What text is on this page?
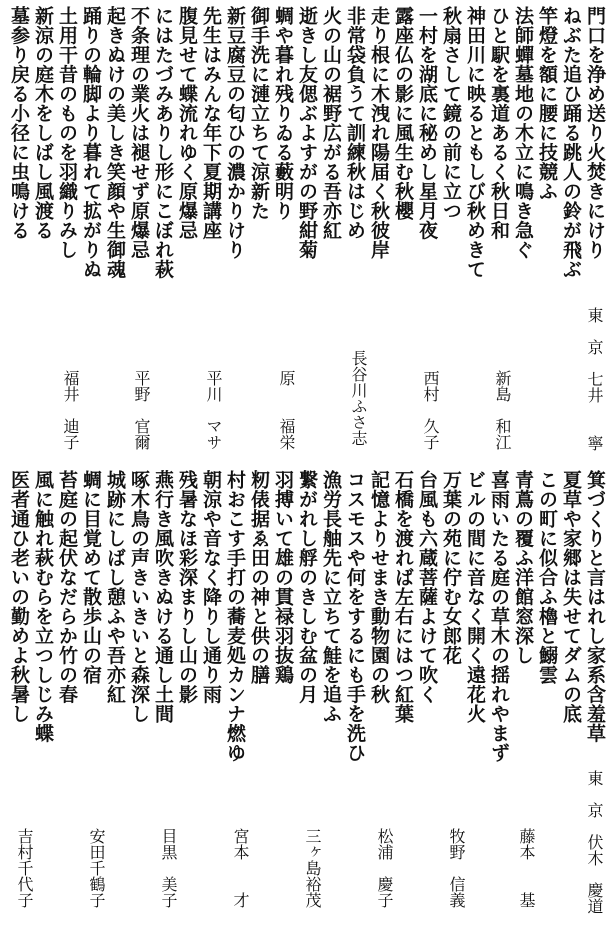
門口を浄め送り火焚きにけり
ねぶた追ひ踊る跳人の鈴が飛ぶ
竿燈を額に腰に技競ふ
法師蟬墓地の木立に鳴き急ぐ
ひと駅を裏道あるく秋日和
神田川に映るともしび秋めきて
秋扇さして鏡の前に立つ
一村を湖底に秘めし星月夜
露座仏の影に風生む秋櫻
走り根に木洩れ陽届く秋彼岸
非常袋負うて訓練秋はじめ
火の山の裾野広がる吾亦紅
逝きし友偲ぶよすがの野紺菊
蜩や暮れ残りゐる藪明り
御手洗に漣立ちて涼新た
新豆腐豆の匂ひの濃かりけり
先生はみんな年下夏期講座
腹見せて蝶流れゆく原爆忌
にはたづみありし形にこぼれ萩
不条理の業火は褪せず原爆忌
起きぬけの美しき笑顔や生御魂
踊りの輪脚より暮れて拡がりぬ
土用干昔のものを羽織りみし
新涼の庭木をしばし風渡る
墓参り戻る小径に虫鳴ける
東　京　七井　　寧
新島　和江
西村　久子
長谷川ふさ志
原　　福栄
平川　マサ
平野　官爾
福井　迪子
箕づくりと言はれし家系含羞草
夏草や家郷は失せてダムの底
この町に似合ふ櫓と鰯雲
青蔦の覆ふ洋館窓深し
喜雨いたる庭の草木の揺れやまず
ビルの間に音なく開く遠花火
万葉の苑に佇む女郎花
台風も六蔵菩薩よけて吹く
石橋を渡れば左右にはつ紅葉
記憶よりせまき動物園の秋
コスモスや何をするにも手を洗ひ
漁労長舳先に立ちて鮭を追ふ
繋がれし艀のきしむ盆の月
羽搏いて雄の貫禄羽抜鶏
籾俵据ゑ田の神と供の膳
村おこす手打の蕎麦処カンナ燃ゆ
朝涼や音なく降りし通り雨
残暑なほ彩深まりし山の影
燕行き風吹きぬける通し土間
啄木鳥の声きいきいと森深し
城跡にしばし憩ふや吾亦紅
蜩に目覚めて散歩山の宿
苔庭の起伏なだらか竹の春
風に触れ萩むらを立つしじみ蝶
医者通ひ老いの勤めよ秋暑し
東　京　伏木　慶道
藤本　　基
牧野　信義
松浦　慶子
三ヶ島裕茂
宮本　　才
目黒　美子
安田千鶴子
吉村千代子
